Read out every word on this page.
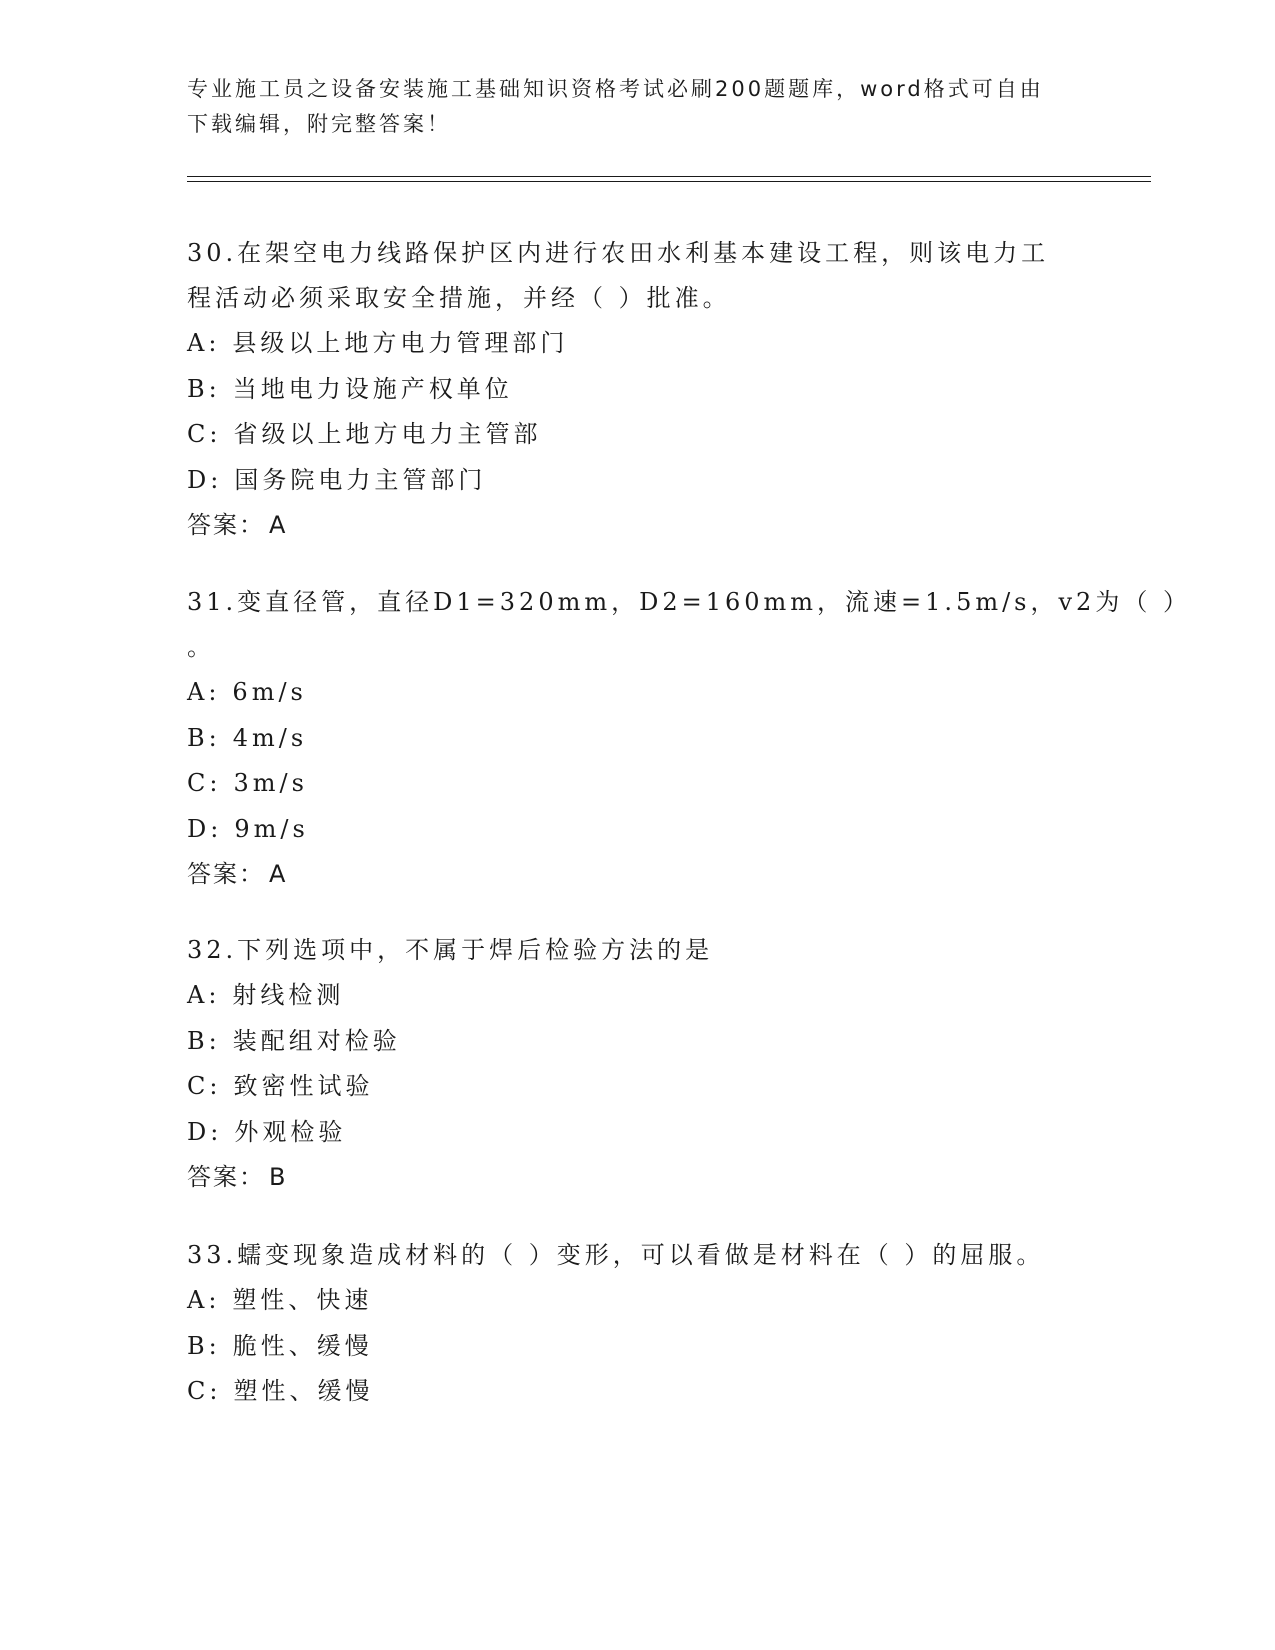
专业施工员之设备安装施工基础知识资格考试必刷200题题库，word格式可自由
下载编辑，附完整答案！
30.在架空电力线路保护区内进行农田水利基本建设工程，则该电力工
程活动必须采取安全措施，并经（ ）批准。
A: 县级以上地方电力管理部门
B: 当地电力设施产权单位
C: 省级以上地方电力主管部
D: 国务院电力主管部门
答案： A
31.变直径管，直径D1=320mm，D2=160mm，流速=1.5m/s，v2为（ ）
。
A: 6m/s
B: 4m/s
C: 3m/s
D: 9m/s
答案： A
32.下列选项中，不属于焊后检验方法的是
A: 射线检测
B: 装配组对检验
C: 致密性试验
D: 外观检验
答案： B
33.蠕变现象造成材料的（ ）变形，可以看做是材料在（ ）的屈服。
A: 塑性、快速
B: 脆性、缓慢
C: 塑性、缓慢
